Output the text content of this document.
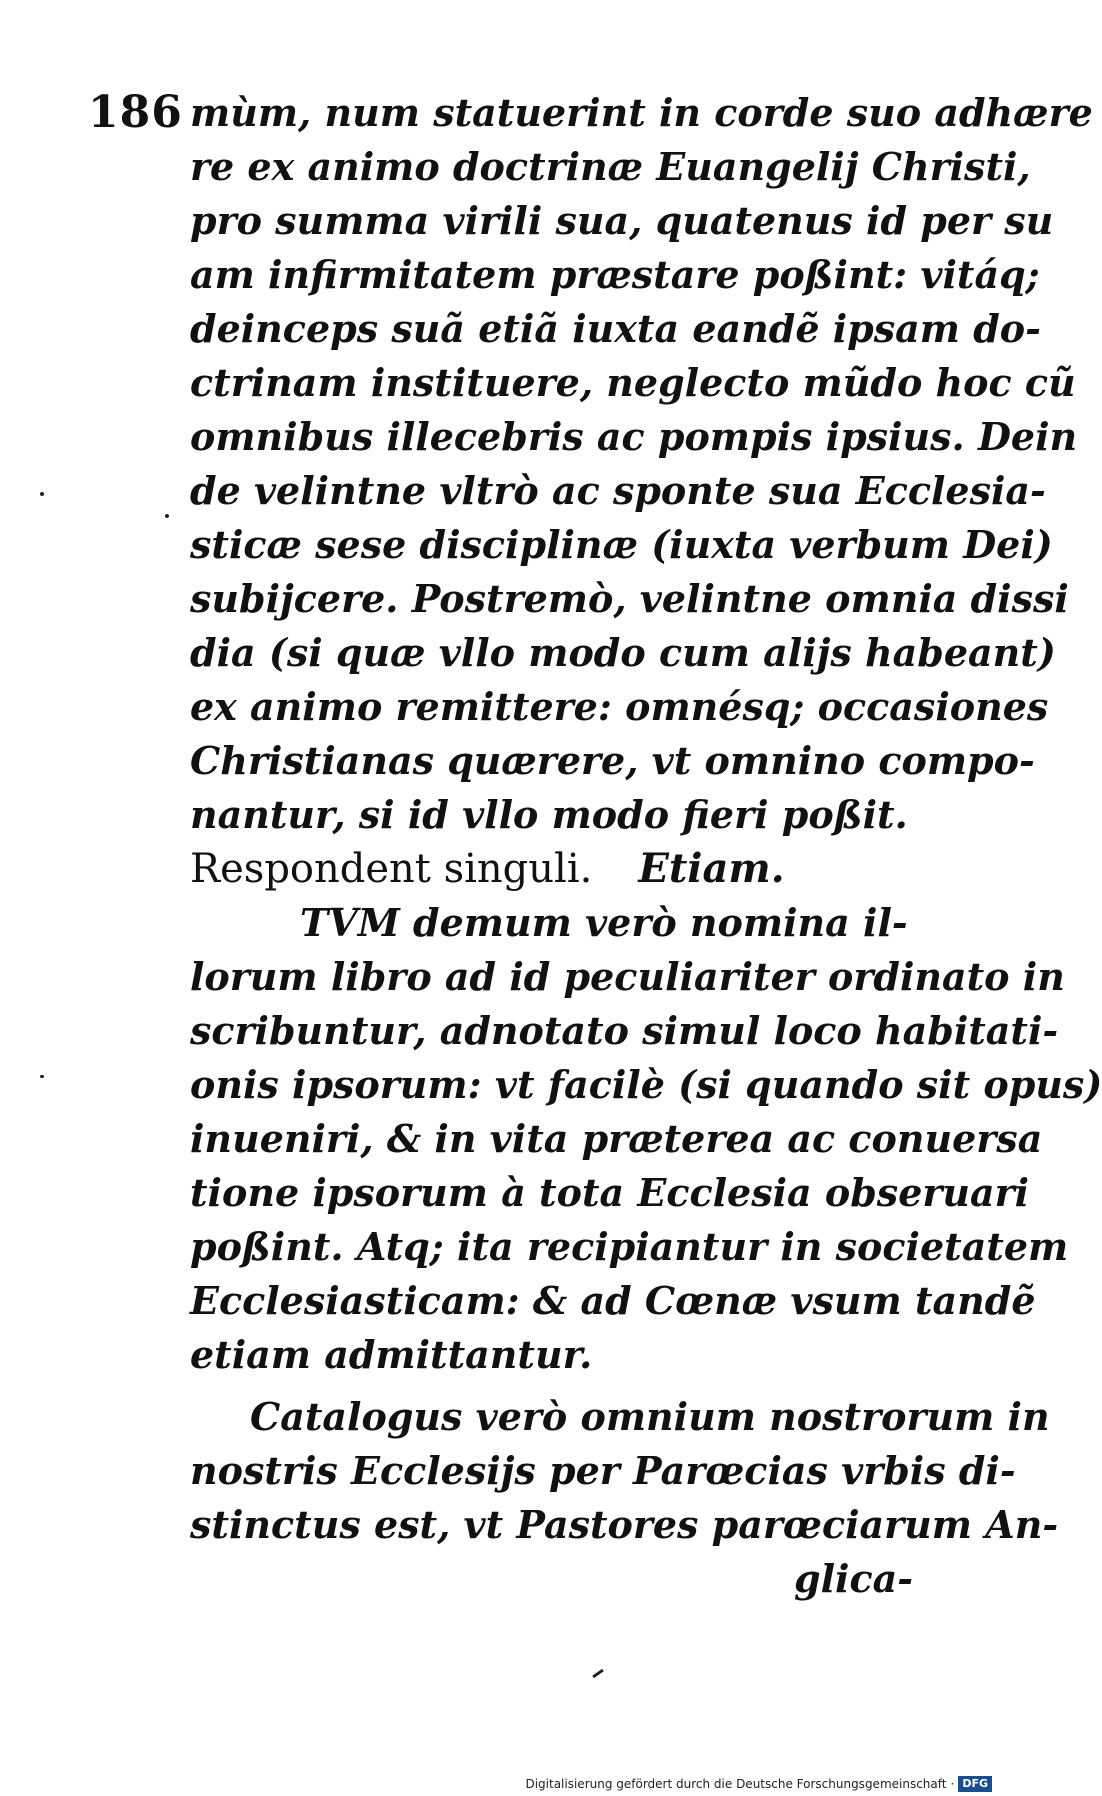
186 mùm, num statuerint in corde suo adhære
re ex animo doctrinæ Euangelij Christi,
pro summa virili sua, quatenus id per su
am infirmitatem præstare poßint: vitáq;
deinceps suã etiã iuxta eandẽ ipsam do-
ctrinam instituere, neglecto mũdo hoc cũ
omnibus illecebris ac pompis ipsius. Dein
de velintne vltrò ac sponte sua Ecclesia-
sticæ sese disciplinæ (iuxta verbum Dei)
subijcere. Postremò, velintne omnia dissi
dia (si quæ vllo modo cum alijs habeant)
ex animo remittere: omnésq; occasiones
Christianas quærere, vt omnino compo-
nantur, si id vllo modo fieri poßit.
Respondent singuli. Etiam.
TVM demum verò nomina il-
lorum libro ad id peculiariter ordinato in
scribuntur, adnotato simul loco habitati-
onis ipsorum: vt facilè (si quando sit opus)
inueniri, & in vita præterea ac conuersa
tione ipsorum à tota Ecclesia obseruari
poßint. Atq; ita recipiantur in societatem
Ecclesiasticam: & ad Cœnæ vsum tandẽ
etiam admittantur.
Catalogus verò omnium nostrorum in
nostris Ecclesijs per Parœcias vrbis di-
stinctus est, vt Pastores parœciarum An-
glica-
Digitalisierung gefördert durch die Deutsche Forschungsgemeinschaft · DFG
